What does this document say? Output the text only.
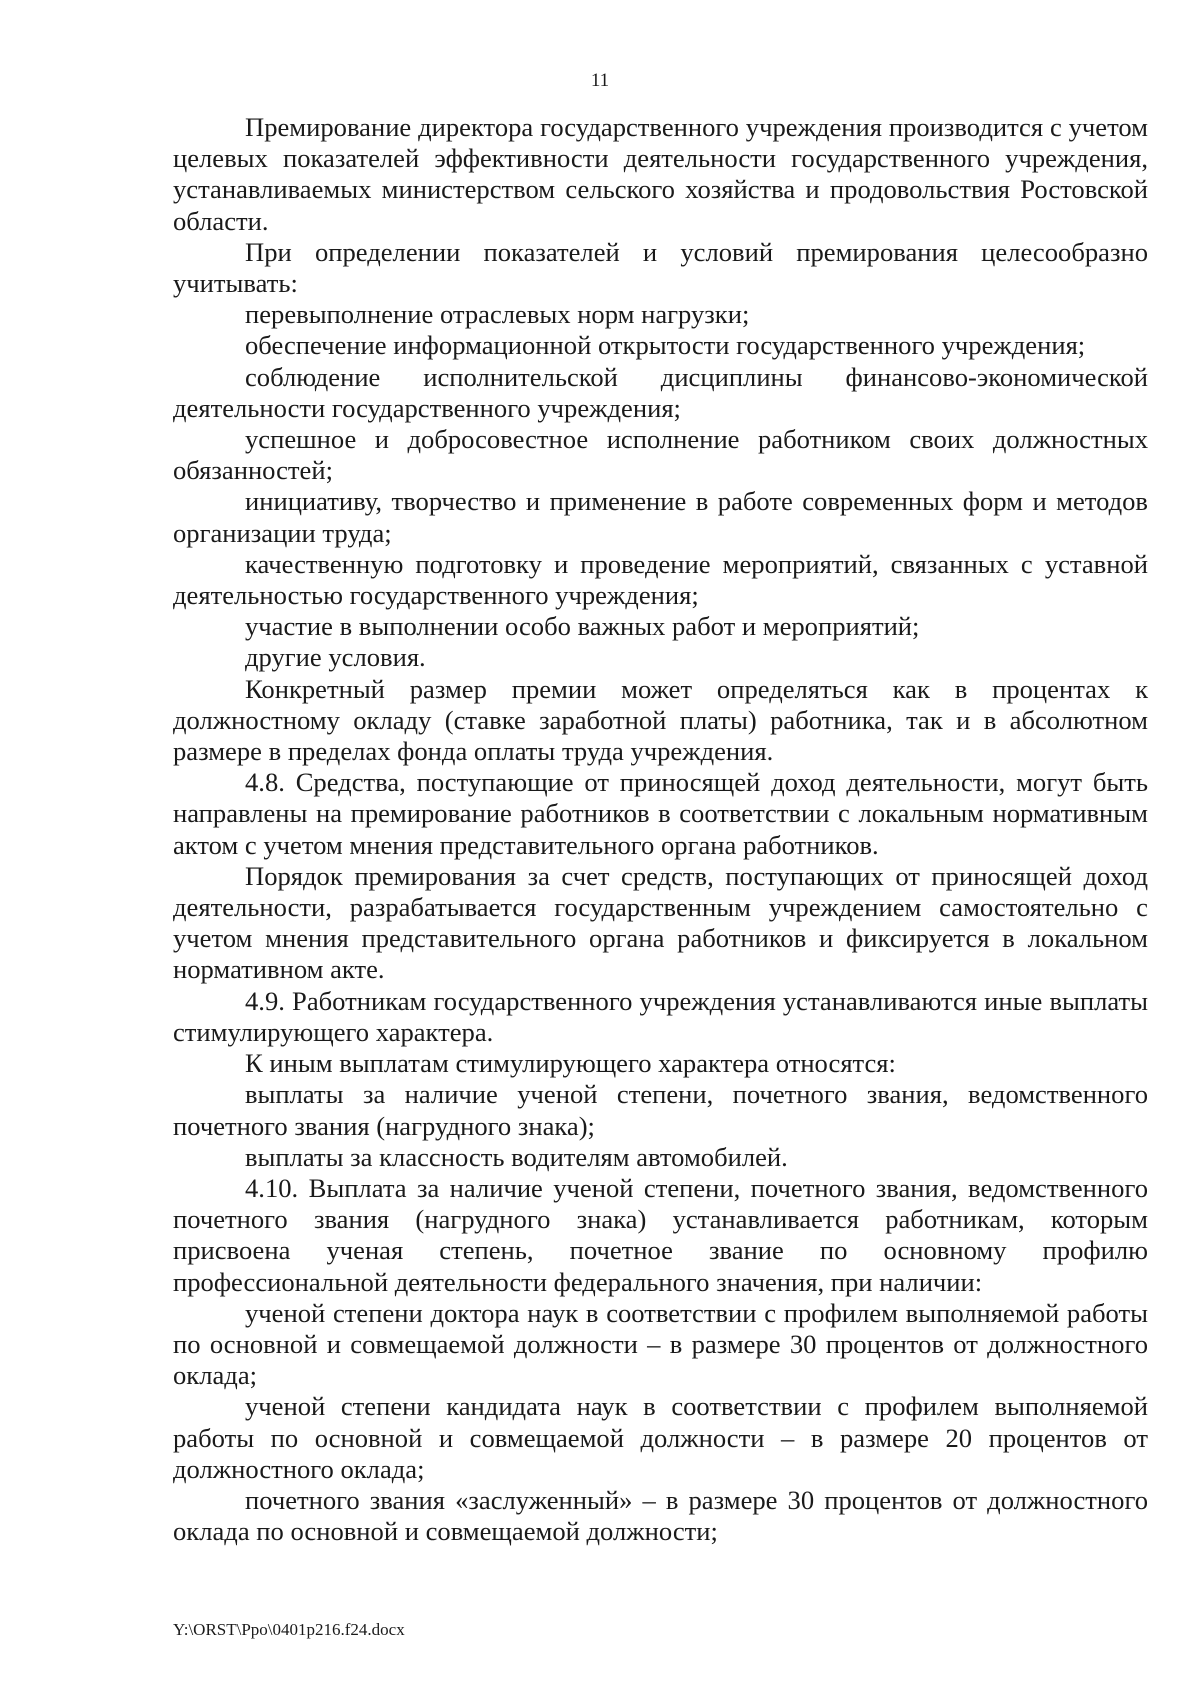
11

Премирование директора государственного учреждения производится с учетом целевых показателей эффективности деятельности государственного учреждения, устанавливаемых министерством сельского хозяйства и продовольствия Ростовской области.

При определении показателей и условий премирования целесообразно учитывать:

перевыполнение отраслевых норм нагрузки;

обеспечение информационной открытости государственного учреждения;

соблюдение исполнительской дисциплины финансово-экономической деятельности государственного учреждения;

успешное и добросовестное исполнение работником своих должностных обязанностей;

инициативу, творчество и применение в работе современных форм и методов организации труда;

качественную подготовку и проведение мероприятий, связанных с уставной деятельностью государственного учреждения;

участие в выполнении особо важных работ и мероприятий;

другие условия.

Конкретный размер премии может определяться как в процентах к должностному окладу (ставке заработной платы) работника, так и в абсолютном размере в пределах фонда оплаты труда учреждения.

4.8. Средства, поступающие от приносящей доход деятельности, могут быть направлены на премирование работников в соответствии с локальным нормативным актом с учетом мнения представительного органа работников.

Порядок премирования за счет средств, поступающих от приносящей доход деятельности, разрабатывается государственным учреждением самостоятельно с учетом мнения представительного органа работников и фиксируется в локальном нормативном акте.

4.9. Работникам государственного учреждения устанавливаются иные выплаты стимулирующего характера.

К иным выплатам стимулирующего характера относятся:

выплаты за наличие ученой степени, почетного звания, ведомственного почетного звания (нагрудного знака);

выплаты за классность водителям автомобилей.

4.10. Выплата за наличие ученой степени, почетного звания, ведомственного почетного звания (нагрудного знака) устанавливается работникам, которым присвоена ученая степень, почетное звание по основному профилю профессиональной деятельности федерального значения, при наличии:

ученой степени доктора наук в соответствии с профилем выполняемой работы по основной и совмещаемой должности – в размере 30 процентов от должностного оклада;

ученой степени кандидата наук в соответствии с профилем выполняемой работы по основной и совмещаемой должности – в размере 20 процентов от должностного оклада;

почетного звания «заслуженный» – в размере 30 процентов от должностного оклада по основной и совмещаемой должности;

Y:\ORST\Ppo\0401p216.f24.docx
